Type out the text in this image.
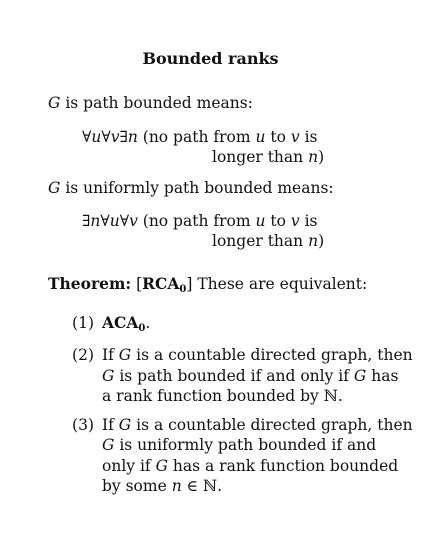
Bounded ranks
G is path bounded means:
∀u∀v∃n (no path from u to v is
longer than n)
G is uniformly path bounded means:
∃n∀u∀v (no path from u to v is
longer than n)
Theorem: $[RCA_0]$ These are equivalent:
(1) $ACA_0$.
(2) If G is a countable directed graph, then
G is path bounded if and only if G has
a rank function bounded by ℕ.
(3) If G is a countable directed graph, then
G is uniformly path bounded if and
only if G has a rank function bounded
by some n ∈ ℕ.
